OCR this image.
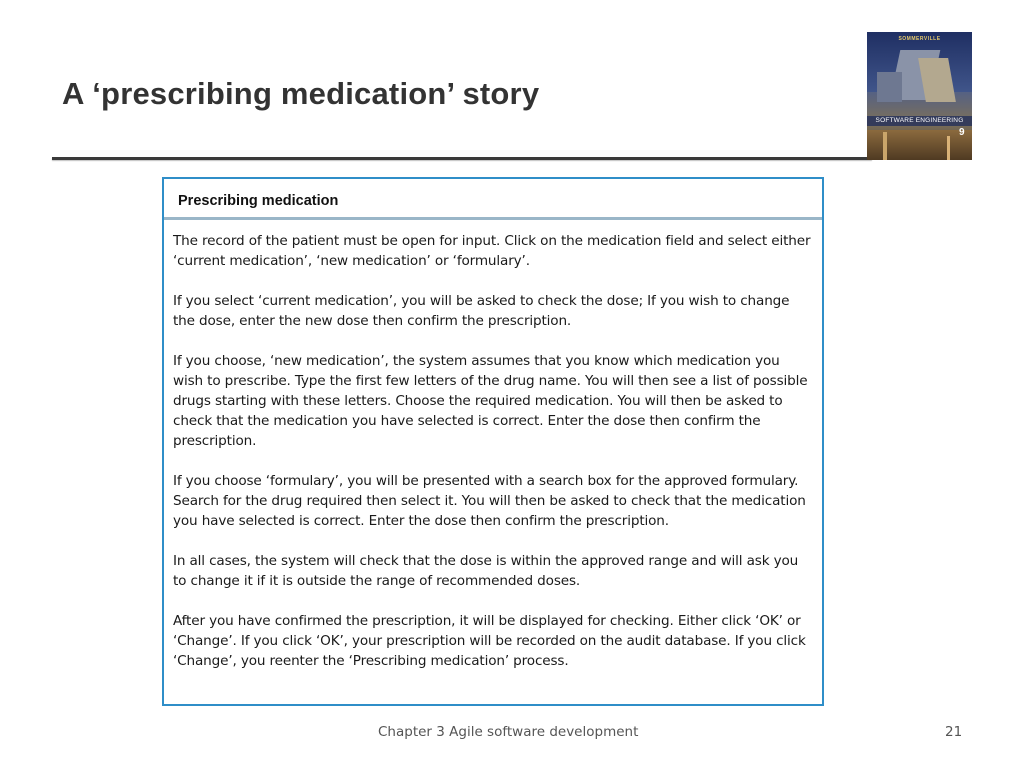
A ‘prescribing medication’ story
SOMMERVILLE
SOFTWARE ENGINEERING
9
Prescribing medication

The record of the patient must be open for input. Click on the medication field and select either ‘current medication’, ‘new medication’ or ‘formulary’.

If you select ‘current medication’, you will be asked to check the dose; If you wish to change the dose, enter the new dose then confirm the prescription.

If you choose, ‘new medication’, the system assumes that you know which medication you wish to prescribe. Type the first few letters of the drug name. You will then see a list of possible drugs starting with these letters. Choose the required medication. You will then be asked to check that the medication you have selected is correct. Enter the dose then confirm the prescription.

If you choose ‘formulary’, you will be presented with a search box for the approved formulary. Search for the drug required then select it. You will then be asked to check that the medication you have selected is correct. Enter the dose then confirm the prescription.

In all cases, the system will check that the dose is within the approved range and will ask you to change it if it is outside the range of recommended doses.

After you have confirmed the prescription, it will be displayed for checking. Either click ‘OK’ or ‘Change’. If you click ‘OK’, your prescription will be recorded on the audit database. If you click ‘Change’, you reenter the ‘Prescribing medication’ process.

Chapter 3 Agile software development	21
